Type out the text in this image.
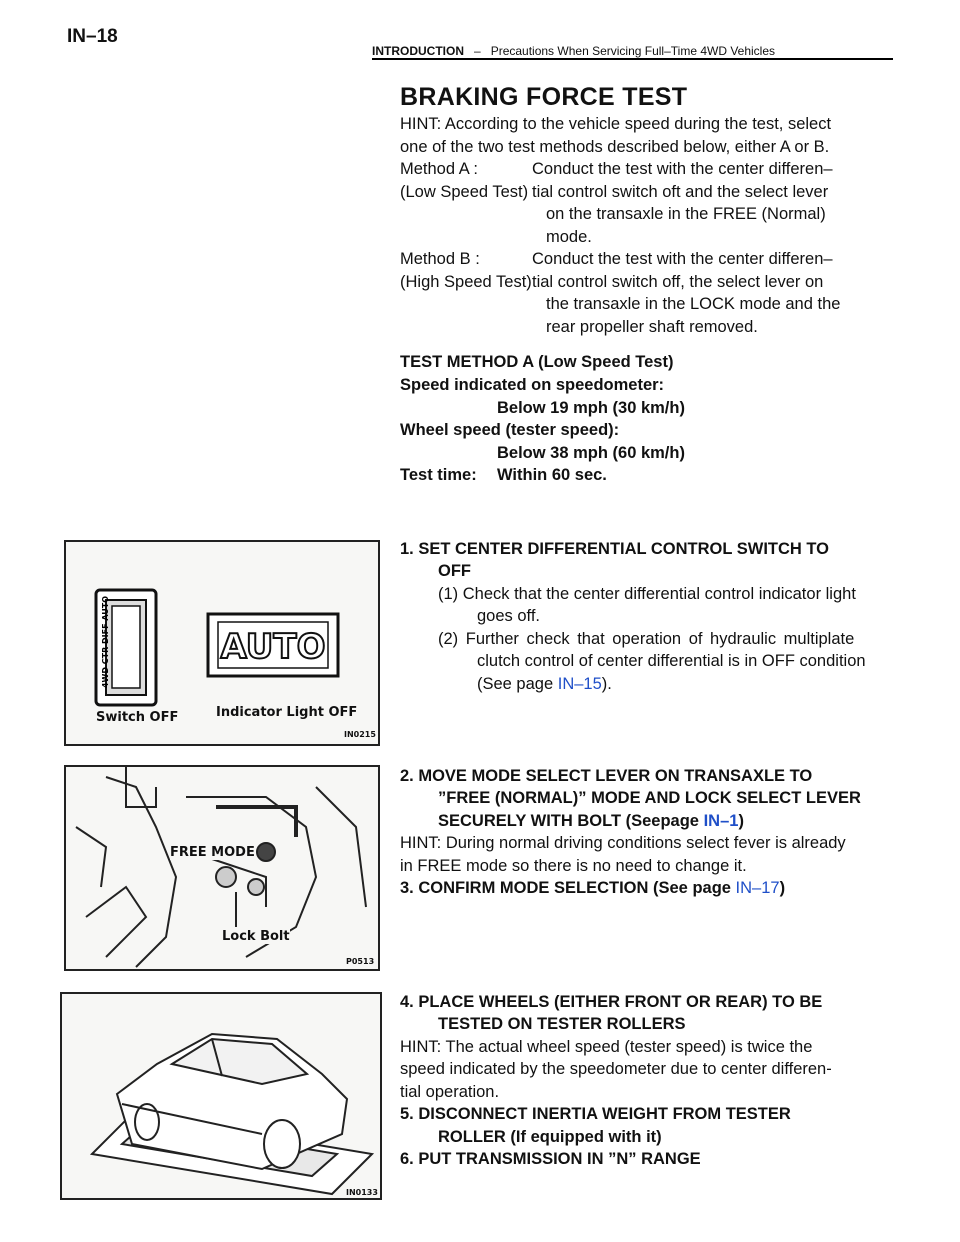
IN–18
INTRODUCTION – Precautions When Servicing Full–Time 4WD Vehicles
BRAKING FORCE TEST
HINT: According to the vehicle speed during the test, select
one of the two test methods described below, either A or B.
Method A :	Conduct the test with the center differen–
(Low Speed Test) tial control switch oft and the select lever
on the transaxle in the FREE (Normal)
mode.
Method B :	Conduct the test with the center differen–
(High Speed Test) tial control switch off, the select lever on
the transaxle in the LOCK mode and the
rear propeller shaft removed.
TEST METHOD A (Low Speed Test)
Speed indicated on speedometer:
Below 19 mph (30 km/h)
Wheel speed (tester speed):
Below 38 mph (60 km/h)
Test time: Within 60 sec.
1. SET CENTER DIFFERENTIAL CONTROL SWITCH TO
OFF
(1) Check that the center differential control indicator light
goes off.
(2) Further check that operation of hydraulic multiplate
clutch control of center differential is in OFF condition
(See page IN–15).
2. MOVE MODE SELECT LEVER ON TRANSAXLE TO
”FREE (NORMAL)” MODE AND LOCK SELECT LEVER
SECURELY WITH BOLT (Seepage IN–1)
HINT: During normal driving conditions select fever is already
in FREE mode so there is no need to change it.
3. CONFIRM MODE SELECTION (See page IN–17)
4. PLACE WHEELS (EITHER FRONT OR REAR) TO BE
TESTED ON TESTER ROLLERS
HINT: The actual wheel speed (tester speed) is twice the
speed indicated by the speedometer due to center differen-
tial operation.
5. DISCONNECT INERTIA WEIGHT FROM TESTER
ROLLER (If equipped with it)
6. PUT TRANSMISSION IN ”N” RANGE
4WD CTR DIFF AUTO	AUTO
Switch OFF	Indicator Light OFF
IN0215
FREE MODE
Lock Bolt
P0513
IN0133
